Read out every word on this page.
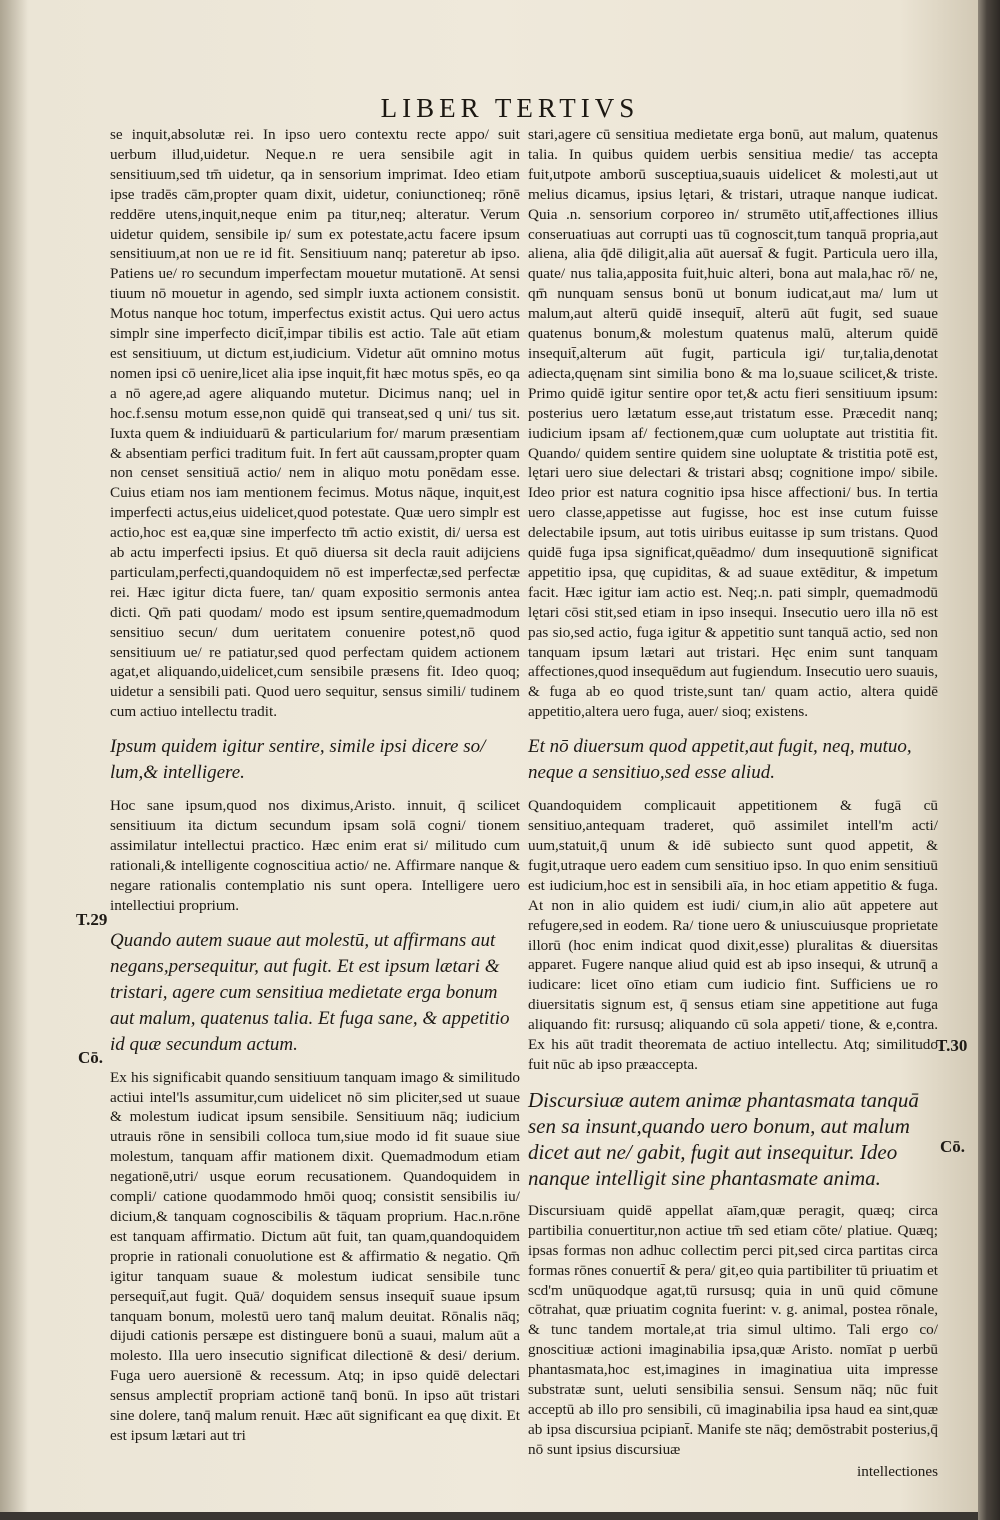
LIBER TERTIVS
T.29
Cō.
T.30
Cō.

se inquit,absolutæ rei. In ipso uero contextu recte appo/ suit uerbum illud,uidetur. Neque.n re uera sensibile agit in sensitiuum,sed tm̄ uidetur, qa in sensorium imprimat. Ideo etiam ipse tradēs cām,propter quam dixit, uidetur, coniunctioneq; rōnē reddēre utens,inquit,neque enim pa titur,neq; alteratur. Verum uidetur quidem, sensibile ip/ sum ex potestate,actu facere ipsum sensitiuum,at non ue re id fit. Sensitiuum nanq; pateretur ab ipso. Patiens ue/ ro secundum imperfectam mouetur mutationē. At sensi tiuum nō mouetur in agendo, sed simplr iuxta actionem consistit. Motus nanque hoc totum, imperfectus existit actus. Qui uero actus simplr sine imperfecto dicit̄,impar tibilis est actio. Tale aūt etiam est sensitiuum, ut dictum est,iudicium. Videtur aūt omnino motus nomen ipsi cō uenire,licet alia ipse inquit,fit hæc motus spēs, eo qa a nō agere,ad agere aliquando mutetur. Dicimus nanq; uel in hoc.f.sensu motum esse,non quidē qui transeat,sed q uni/ tus sit. Iuxta quem & indiuiduarū & particularium for/ marum præsentiam & absentiam perfici traditum fuit. In fert aūt caussam,propter quam non censet sensitiuā actio/ nem in aliquo motu ponēdam esse. Cuius etiam nos iam mentionem fecimus. Motus nāque, inquit,est imperfecti actus,eius uidelicet,quod potestate. Quæ uero simplr est actio,hoc est ea,quæ sine imperfecto tm̄ actio existit, di/ uersa est ab actu imperfecti ipsius. Et quō diuersa sit decla rauit adijciens particulam,perfecti,quandoquidem nō est imperfectæ,sed perfectæ rei. Hæc igitur dicta fuere, tan/ quam expositio sermonis antea dicti. Qm̄ pati quodam/ modo est ipsum sentire,quemadmodum sensitiuo secun/ dum ueritatem conuenire potest,nō quod sensitiuum ue/ re patiatur,sed quod perfectam quidem actionem agat,et aliquando,uidelicet,cum sensibile præsens fit. Ideo quoq; uidetur a sensibili pati. Quod uero sequitur, sensus simili/ tudinem cum actiuo intellectu tradit.

Ipsum quidem igitur sentire, simile ipsi dicere so/ lum,& intelligere.

Hoc sane ipsum,quod nos diximus,Aristo. innuit, q̄ scilicet sensitiuum ita dictum secundum ipsam solā cogni/ tionem assimilatur intellectui practico. Hæc enim erat si/ militudo cum rationali,& intelligente cognoscitiua actio/ ne. Affirmare nanque & negare rationalis contemplatio nis sunt opera. Intelligere uero intellectiui proprium.

Quando autem suaue aut molestū, ut affirmans aut negans,persequitur, aut fugit. Et est ipsum lætari & tristari, agere cum sensitiua medietate erga bonum aut malum, quatenus talia. Et fuga sane, & appetitio id quæ secundum actum.

Ex his significabit quando sensitiuum tanquam imago & similitudo actiui intel'ls assumitur,cum uidelicet nō sim pliciter,sed ut suaue & molestum iudicat ipsum sensibile. Sensitiuum nāq; iudicium utrauis rōne in sensibili colloca tum,siue modo id fit suaue siue molestum, tanquam affir mationem dixit. Quemadmodum etiam negationē,utri/ usque eorum recusationem. Quandoquidem in compli/ catione quodammodo hmōi quoq; consistit sensibilis iu/ dicium,& tanquam cognoscibilis & tāquam proprium. Hac.n.rōne est tanquam affirmatio. Dictum aūt fuit, tan quam,quandoquidem proprie in rationali conuolutione est & affirmatio & negatio. Qm̄ igitur tanquam suaue & molestum iudicat sensibile tunc persequit̄,aut fugit. Quā/ doquidem sensus insequit̄ suaue ipsum tanquam bonum, molestū uero tanq̄ malum deuitat. Rōnalis nāq; dijudi cationis persæpe est distinguere bonū a suaui, malum aūt a molesto. Illa uero insecutio significat dilectionē & desi/ derium. Fuga uero auersionē & recessum. Atq; in ipso quidē delectari sensus amplectit̄ propriam actionē tanq̄ bonū. In ipso aūt tristari sine dolere, tanq̄ malum renuit. Hæc aūt significant ea quę dixit. Et est ipsum lætari aut tri

stari,agere cū sensitiua medietate erga bonū, aut malum, quatenus talia. In quibus quidem uerbis sensitiua medie/ tas accepta fuit,utpote amborū susceptiua,suauis uidelicet & molesti,aut ut melius dicamus, ipsius lętari, & tristari, utraque nanque iudicat. Quia .n. sensorium corporeo in/ strumēto utit̄,affectiones illius conseruatiuas aut corrupti uas tū cognoscit,tum tanquā propria,aut aliena, alia q̄dē diligit,alia aūt auersat̄ & fugit. Particula uero illa, quate/ nus talia,apposita fuit,huic alteri, bona aut mala,hac rō/ ne, qm̄ nunquam sensus bonū ut bonum iudicat,aut ma/ lum ut malum,aut alterū quidē insequit̄, alterū aūt fugit, sed suaue quatenus bonum,& molestum quatenus malū, alterum quidē insequit̄,alterum aūt fugit, particula igi/ tur,talia,denotat adiecta,quęnam sint similia bono & ma lo,suaue scilicet,& triste. Primo quidē igitur sentire opor tet,& actu fieri sensitiuum ipsum: posterius uero lætatum esse,aut tristatum esse. Præcedit nanq; iudicium ipsam af/ fectionem,quæ cum uoluptate aut tristitia fit. Quando/ quidem sentire quidem sine uoluptate & tristitia potē est, lętari uero siue delectari & tristari absq; cognitione impo/ sibile. Ideo prior est natura cognitio ipsa hisce affectioni/ bus. In tertia uero classe,appetisse aut fugisse, hoc est inse cutum fuisse delectabile ipsum, aut totis uiribus euitasse ip sum tristans. Quod quidē fuga ipsa significat,quēadmo/ dum insequutionē significat appetitio ipsa, quę cupiditas, & ad suaue extēditur, & impetum facit. Hæc igitur iam actio est. Neq;.n. pati simplr, quemadmodū lętari cōsi stit,sed etiam in ipso insequi. Insecutio uero illa nō est pas sio,sed actio, fuga igitur & appetitio sunt tanquā actio, sed non tanquam ipsum lætari aut tristari. Hęc enim sunt tanquam affectiones,quod insequēdum aut fugiendum. Insecutio uero suauis, & fuga ab eo quod triste,sunt tan/ quam actio, altera quidē appetitio,altera uero fuga, auer/ sioq; existens.

Et nō diuersum quod appetit,aut fugit, neq, mutuo, neque a sensitiuo,sed esse aliud.

Quandoquidem complicauit appetitionem & fugā cū sensitiuo,antequam traderet, quō assimilet intell'm acti/ uum,statuit,q̄ unum & idē subiecto sunt quod appetit, & fugit,utraque uero eadem cum sensitiuo ipso. In quo enim sensitiuū est iudicium,hoc est in sensibili aīa, in hoc etiam appetitio & fuga. At non in alio quidem est iudi/ cium,in alio aūt appetere aut refugere,sed in eodem. Ra/ tione uero & uniuscuiusque proprietate illorū (hoc enim indicat quod dixit,esse) pluralitas & diuersitas apparet. Fugere nanque aliud quid est ab ipso insequi, & utrunq̄ a iudicare: licet oīno etiam cum iudicio fint. Sufficiens ue ro diuersitatis signum est, q̄ sensus etiam sine appetitione aut fuga aliquando fit: rursusq; aliquando cū sola appeti/ tione, & e,contra. Ex his aūt tradit theoremata de actiuo intellectu. Atq; similitudo fuit nūc ab ipso præaccepta.

Discursiuæ autem animæ phantasmata tanquā sen sa insunt,quando uero bonum, aut malum dicet aut ne/ gabit, fugit aut insequitur. Ideo nanque intelligit sine phantasmate anima.

Discursiuam quidē appellat aīam,quæ peragit, quæq; circa partibilia conuertitur,non actiue tm̄ sed etiam cōte/ platiue. Quæq; ipsas formas non adhuc collectim perci pit,sed circa partitas circa formas rōnes conuertit̄ & pera/ git,eo quia partibiliter tū priuatim et scd'm unūquodque agat,tū rursusq; quia in unū quid cōmune cōtrahat, quæ priuatim cognita fuerint: v. g. animal, postea rōnale, & tunc tandem mortale,at tria simul ultimo. Tali ergo co/ gnoscitiuæ actioni imaginabilia ipsa,quæ Aristo. nomīat p uerbū phantasmata,hoc est,imagines in imaginatiua uita impresse substratæ sunt, ueluti sensibilia sensui. Sensum nāq; nūc fuit acceptū ab illo pro sensibili, cū imaginabilia ipsa haud ea sint,quæ ab ipsa discursiua pcipiant̄. Manife ste nāq; demōstrabit posterius,q̄ nō sunt ipsius discursiuæ

intellectiones
